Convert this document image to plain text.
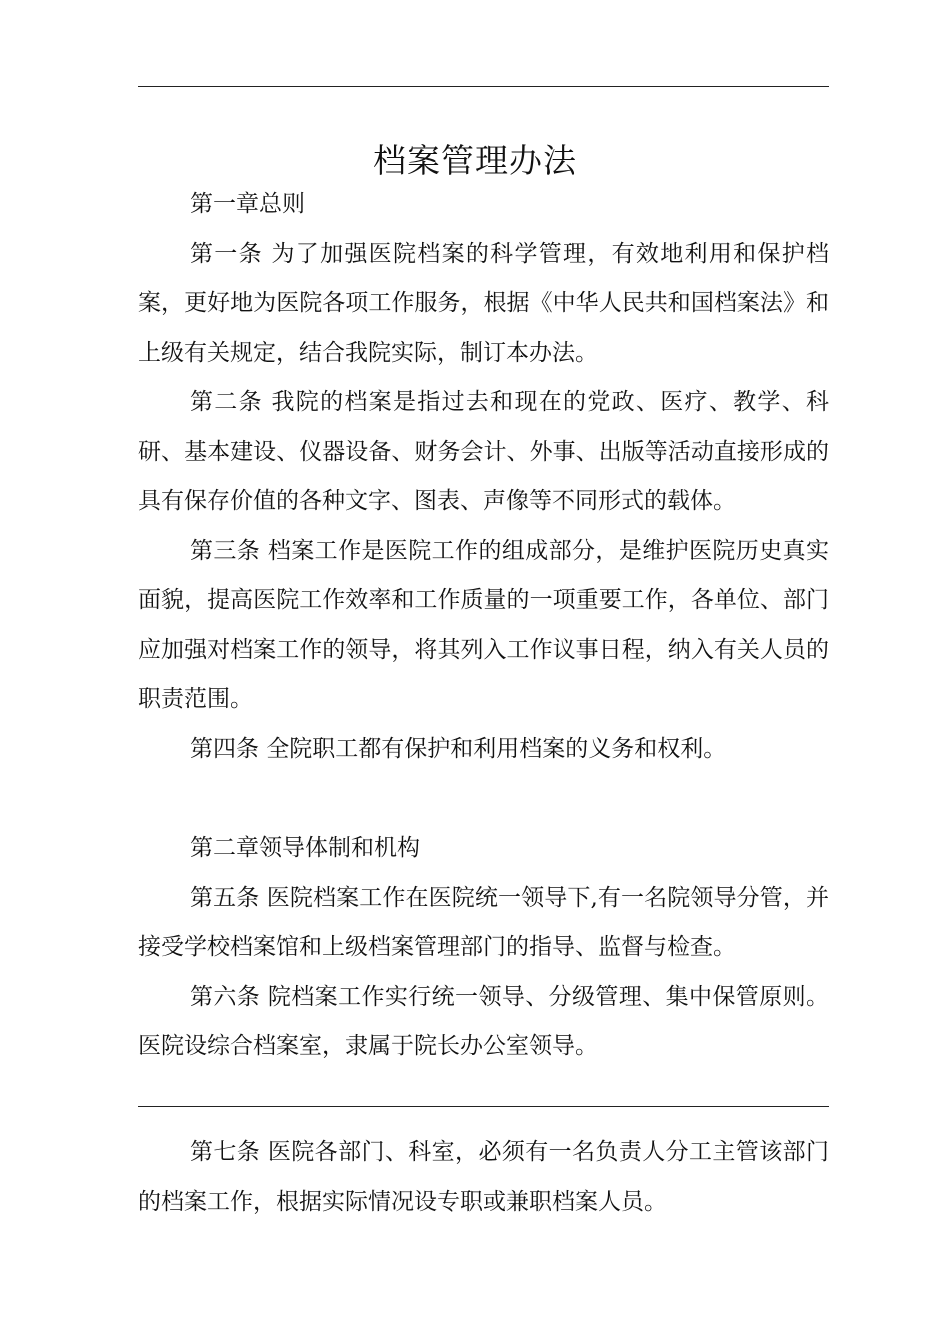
档案管理办法

第一章总则

第一条 为了加强医院档案的科学管理，有效地利用和保护档案，更好地为医院各项工作服务，根据《中华人民共和国档案法》和上级有关规定，结合我院实际，制订本办法。

第二条 我院的档案是指过去和现在的党政、医疗、教学、科研、基本建设、仪器设备、财务会计、外事、出版等活动直接形成的具有保存价值的各种文字、图表、声像等不同形式的载体。

第三条 档案工作是医院工作的组成部分，是维护医院历史真实面貌，提高医院工作效率和工作质量的一项重要工作，各单位、部门应加强对档案工作的领导，将其列入工作议事日程，纳入有关人员的职责范围。

第四条 全院职工都有保护和利用档案的义务和权利。

第二章领导体制和机构

第五条 医院档案工作在医院统一领导下,有一名院领导分管，并接受学校档案馆和上级档案管理部门的指导、监督与检查。

第六条 院档案工作实行统一领导、分级管理、集中保管原则。医院设综合档案室，隶属于院长办公室领导。

第七条 医院各部门、科室，必须有一名负责人分工主管该部门的档案工作，根据实际情况设专职或兼职档案人员。
